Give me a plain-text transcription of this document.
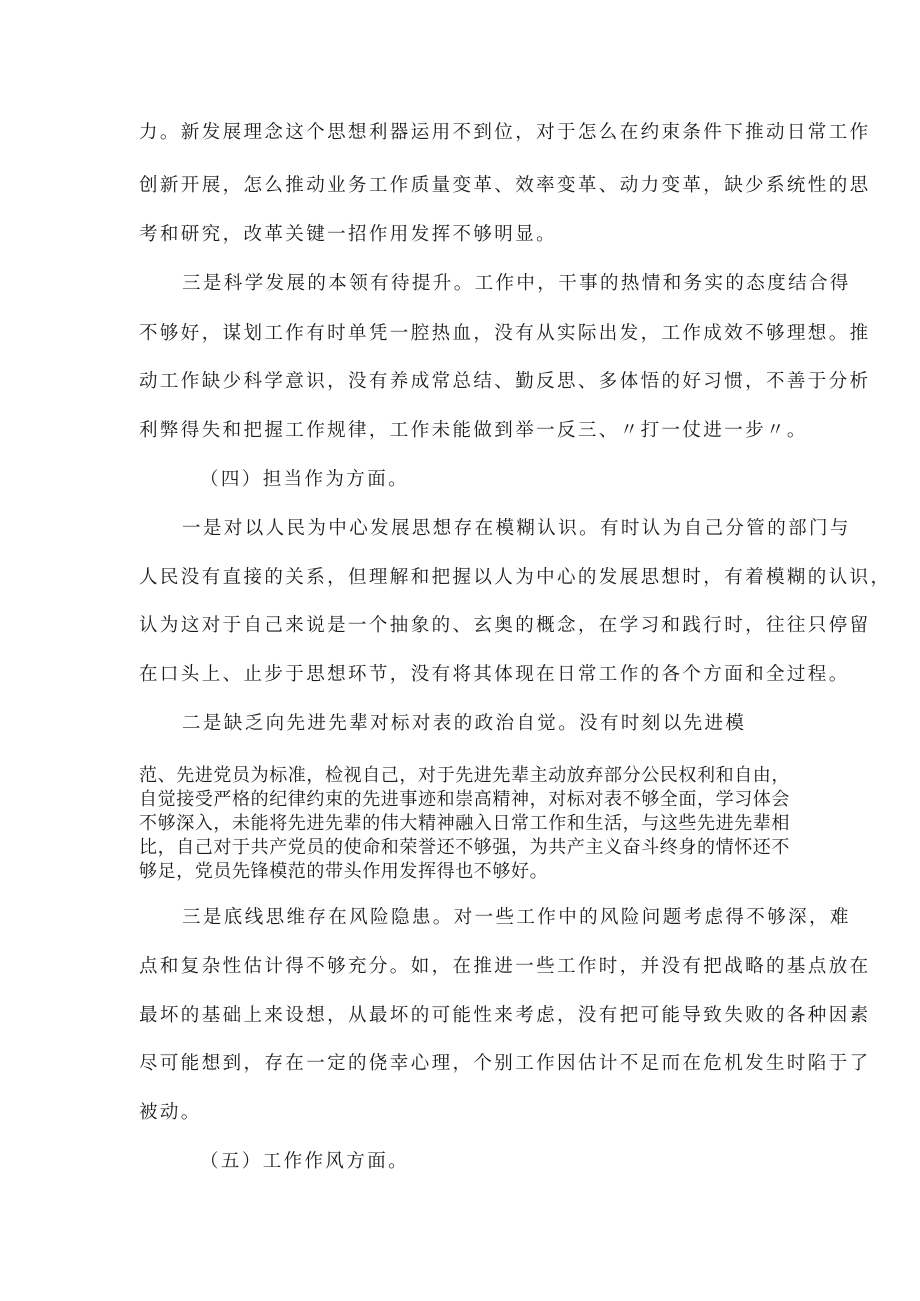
力。新发展理念这个思想利器运用不到位，对于怎么在约束条件下推动日常工作
创新开展，怎么推动业务工作质量变革、效率变革、动力变革，缺少系统性的思
考和研究，改革关键一招作用发挥不够明显。
三是科学发展的本领有待提升。工作中，干事的热情和务实的态度结合得
不够好，谋划工作有时单凭一腔热血，没有从实际出发，工作成效不够理想。推
动工作缺少科学意识，没有养成常总结、勤反思、多体悟的好习惯，不善于分析
利弊得失和把握工作规律，工作未能做到举一反三、〃打一仗进一步〃。
（四）担当作为方面。
一是对以人民为中心发展思想存在模糊认识。有时认为自己分管的部门与
人民没有直接的关系，但理解和把握以人为中心的发展思想时，有着模糊的认识，
认为这对于自己来说是一个抽象的、玄奥的概念，在学习和践行时，往往只停留
在口头上、止步于思想环节，没有将其体现在日常工作的各个方面和全过程。
二是缺乏向先进先辈对标对表的政治自觉。没有时刻以先进模
范、先进党员为标准，检视自己，对于先进先辈主动放弃部分公民权利和自由，
自觉接受严格的纪律约束的先进事迹和崇高精神，对标对表不够全面，学习体会
不够深入，未能将先进先辈的伟大精神融入日常工作和生活，与这些先进先辈相
比，自己对于共产党员的使命和荣誉还不够强，为共产主义奋斗终身的情怀还不
够足，党员先锋模范的带头作用发挥得也不够好。
三是底线思维存在风险隐患。对一些工作中的风险问题考虑得不够深，难
点和复杂性估计得不够充分。如，在推进一些工作时，并没有把战略的基点放在
最坏的基础上来设想，从最坏的可能性来考虑，没有把可能导致失败的各种因素
尽可能想到，存在一定的侥幸心理，个别工作因估计不足而在危机发生时陷于了
被动。
（五）工作作风方面。
